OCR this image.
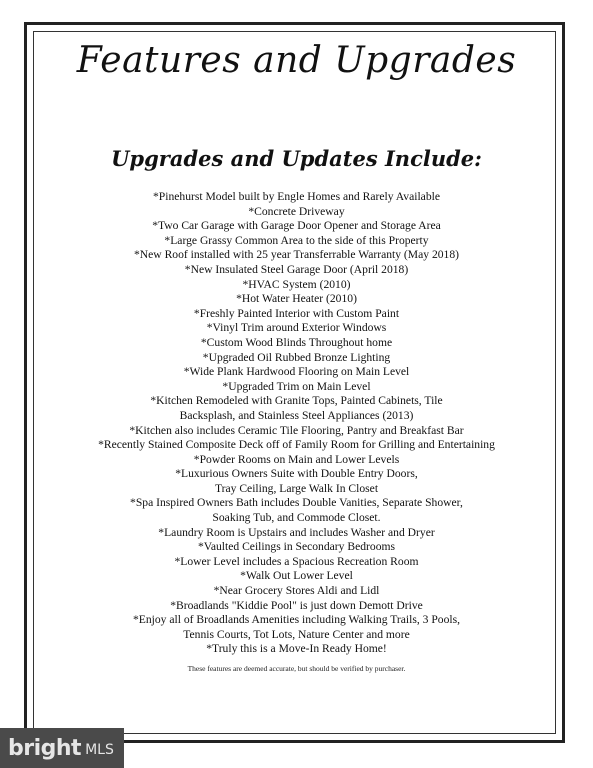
Features and Upgrades
Upgrades and Updates Include:
*Pinehurst Model built by Engle Homes and Rarely Available
*Concrete Driveway
*Two Car Garage with Garage Door Opener and Storage Area
*Large Grassy Common Area to the side of this Property
*New Roof installed with 25 year Transferrable Warranty (May 2018)
*New Insulated Steel Garage Door (April 2018)
*HVAC System (2010)
*Hot Water Heater (2010)
*Freshly Painted Interior with Custom Paint
*Vinyl Trim around Exterior Windows
*Custom Wood Blinds Throughout home
*Upgraded Oil Rubbed Bronze Lighting
*Wide Plank Hardwood Flooring on Main Level
*Upgraded Trim on Main Level
*Kitchen Remodeled with Granite Tops, Painted Cabinets, Tile
Backsplash, and Stainless Steel Appliances (2013)
*Kitchen also includes Ceramic Tile Flooring, Pantry and Breakfast Bar
*Recently Stained Composite Deck off of Family Room for Grilling and Entertaining
*Powder Rooms on Main and Lower Levels
*Luxurious Owners Suite with Double Entry Doors,
Tray Ceiling, Large Walk In Closet
*Spa Inspired Owners Bath includes Double Vanities, Separate Shower,
Soaking Tub, and Commode Closet.
*Laundry Room is Upstairs and includes Washer and Dryer
*Vaulted Ceilings in Secondary Bedrooms
*Lower Level includes a Spacious Recreation Room
*Walk Out Lower Level
*Near Grocery Stores Aldi and Lidl
*Broadlands "Kiddie Pool" is just down Demott Drive
*Enjoy all of Broadlands Amenities including Walking Trails, 3 Pools,
Tennis Courts, Tot Lots, Nature Center and more
*Truly this is a Move-In Ready Home!
These features are deemed accurate, but should be verified by purchaser.
bright MLS
